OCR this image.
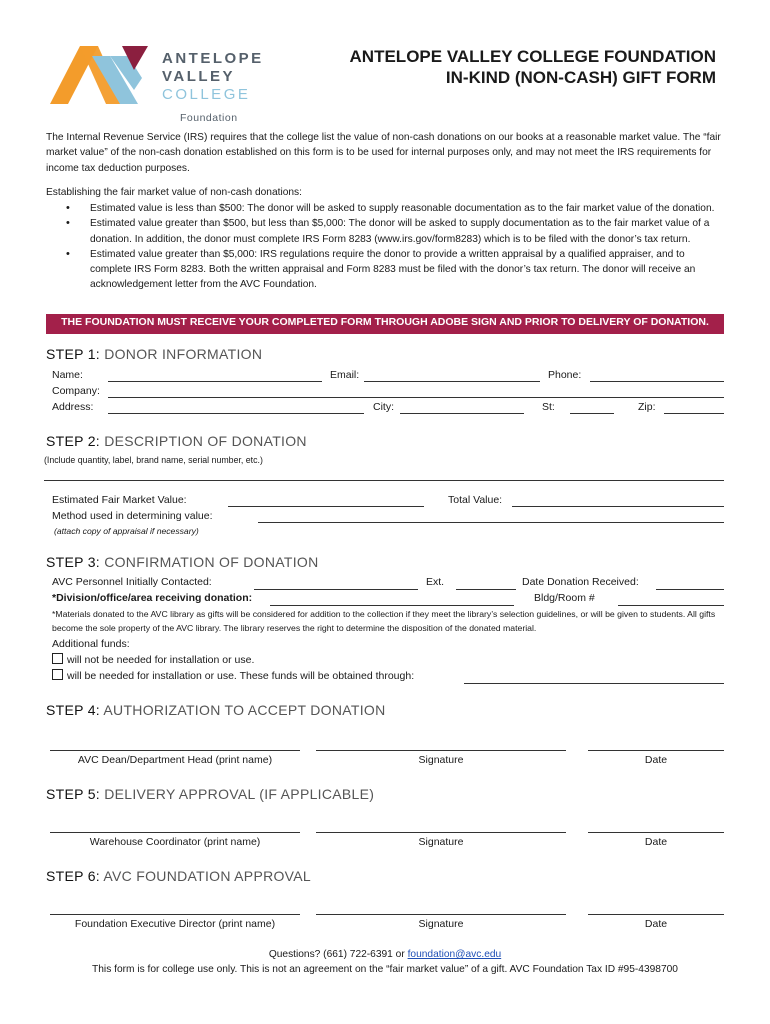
ANTELOPE
VALLEY
COLLEGE
Foundation
ANTELOPE VALLEY COLLEGE FOUNDATION
IN-KIND (NON-CASH) GIFT FORM
The Internal Revenue Service (IRS) requires that the college list the value of non-cash donations on our books at a reasonable market value. The “fair market value” of the non-cash donation established on this form is to be used for internal purposes only, and may not meet the IRS requirements for income tax deduction purposes.
Establishing the fair market value of non-cash donations:
• Estimated value is less than $500: The donor will be asked to supply reasonable documentation as to the fair market value of the donation.
• Estimated value greater than $500, but less than $5,000: The donor will be asked to supply documentation as to the fair market value of a donation. In addition, the donor must complete IRS Form 8283 (www.irs.gov/form8283) which is to be filed with the donor’s tax return.
• Estimated value greater than $5,000: IRS regulations require the donor to provide a written appraisal by a qualified appraiser, and to complete IRS Form 8283. Both the written appraisal and Form 8283 must be filed with the donor’s tax return. The donor will receive an acknowledgement letter from the AVC Foundation.
THE FOUNDATION MUST RECEIVE YOUR COMPLETED FORM THROUGH ADOBE SIGN AND PRIOR TO DELIVERY OF DONATION.
STEP 1: DONOR INFORMATION
Name:	Email:	Phone:
Company:
Address:	City:	St:	Zip:
STEP 2: DESCRIPTION OF DONATION
(Include quantity, label, brand name, serial number, etc.)
Estimated Fair Market Value:	Total Value:
Method used in determining value:
(attach copy of appraisal if necessary)
STEP 3: CONFIRMATION OF DONATION
AVC Personnel Initially Contacted:	Ext.	Date Donation Received:
*Division/office/area receiving donation:	Bldg/Room #
*Materials donated to the AVC library as gifts will be considered for addition to the collection if they meet the library’s selection guidelines, or will be given to students. All gifts become the sole property of the AVC library. The library reserves the right to determine the disposition of the donated material.
Additional funds:
will not be needed for installation or use.
will be needed for installation or use. These funds will be obtained through:
STEP 4: AUTHORIZATION TO ACCEPT DONATION
AVC Dean/Department Head (print name)	Signature	Date
STEP 5: DELIVERY APPROVAL (IF APPLICABLE)
Warehouse Coordinator (print name)	Signature	Date
STEP 6: AVC FOUNDATION APPROVAL
Foundation Executive Director (print name)	Signature	Date
Questions? (661) 722-6391 or foundation@avc.edu
This form is for college use only. This is not an agreement on the “fair market value” of a gift. AVC Foundation Tax ID #95-4398700
